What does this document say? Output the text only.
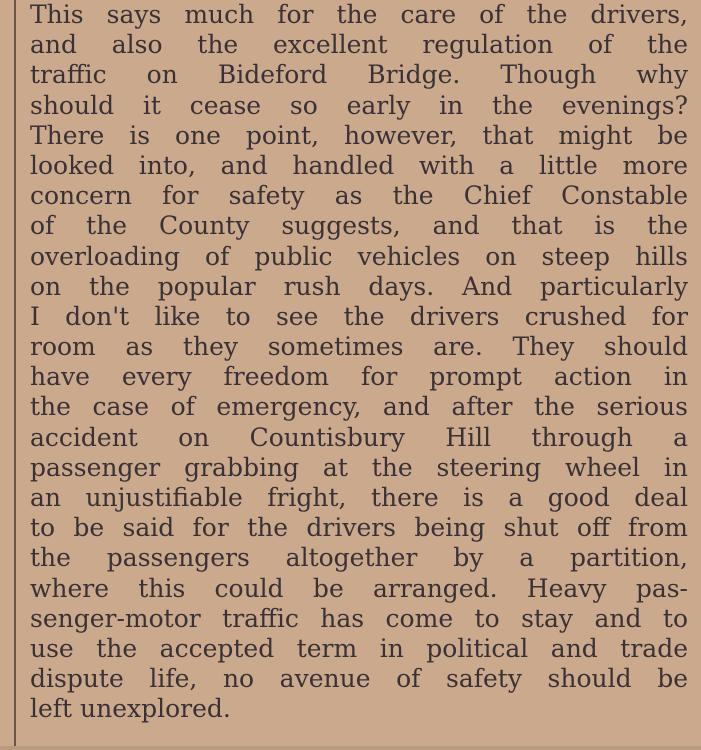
This says much for the care of the drivers,
and also the excellent regulation of the
traffic on Bideford Bridge. Though why
should it cease so early in the evenings?
There is one point, however, that might be
looked into, and handled with a little more
concern for safety as the Chief Constable
of the County suggests, and that is the
overloading of public vehicles on steep hills
on the popular rush days. And particularly
I don't like to see the drivers crushed for
room as they sometimes are. They should
have every freedom for prompt action in
the case of emergency, and after the serious
accident on Countisbury Hill through a
passenger grabbing at the steering wheel in
an unjustifiable fright, there is a good deal
to be said for the drivers being shut off from
the passengers altogether by a partition,
where this could be arranged. Heavy pas-
senger-motor traffic has come to stay and to
use the accepted term in political and trade
dispute life, no avenue of safety should be
left unexplored.
